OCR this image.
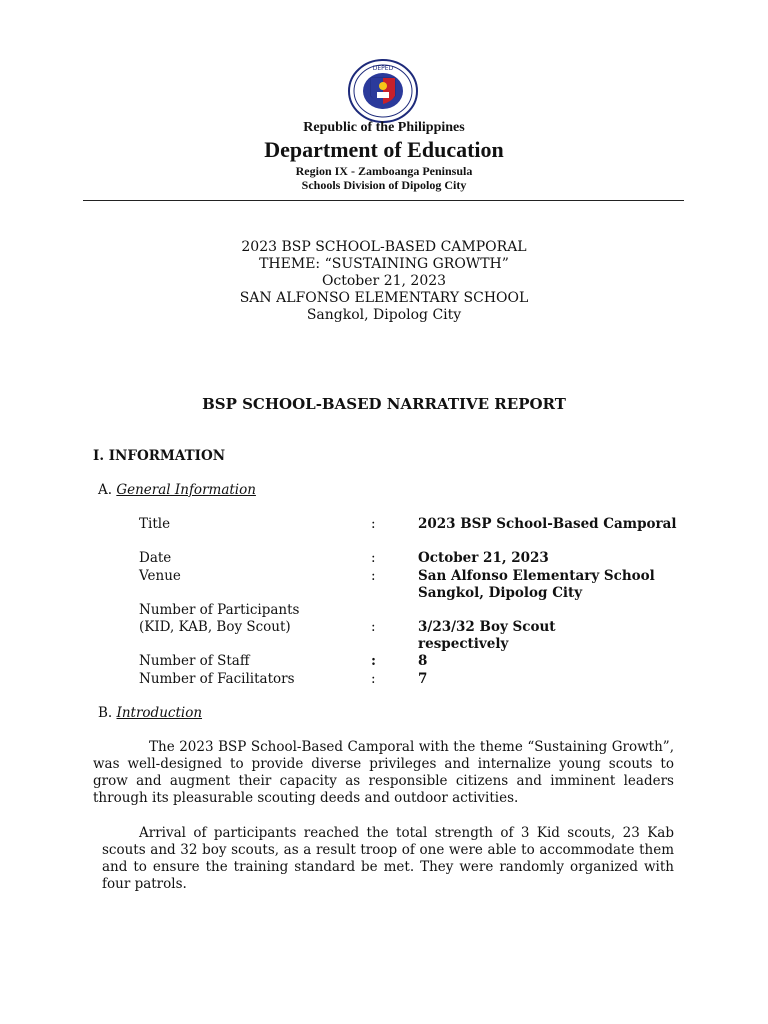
DEPED
Republic of the Philippines
Department of Education
Region IX - Zamboanga Peninsula
Schools Division of Dipolog City
2023 BSP SCHOOL-BASED CAMPORAL
THEME: “SUSTAINING GROWTH”
October 21, 2023
SAN ALFONSO ELEMENTARY SCHOOL
Sangkol, Dipolog City
BSP SCHOOL-BASED NARRATIVE REPORT
I. INFORMATION
A. General Information
Title	:	2023 BSP School-Based Camporal
Date	:	October 21, 2023
Venue	:	San Alfonso Elementary School
Sangkol, Dipolog City
Number of Participants
(KID, KAB, Boy Scout)	:	3/23/32 Boy Scout
respectively
Number of Staff	:	8
Number of Facilitators	:	7
B. Introduction
The 2023 BSP School-Based Camporal with the theme “Sustaining Growth”, was well-designed to provide diverse privileges and internalize young scouts to grow and augment their capacity as responsible citizens and imminent leaders through its pleasurable scouting deeds and outdoor activities.
Arrival of participants reached the total strength of 3 Kid scouts, 23 Kab scouts and 32 boy scouts, as a result troop of one were able to accommodate them and to ensure the training standard be met. They were randomly organized with four patrols.
